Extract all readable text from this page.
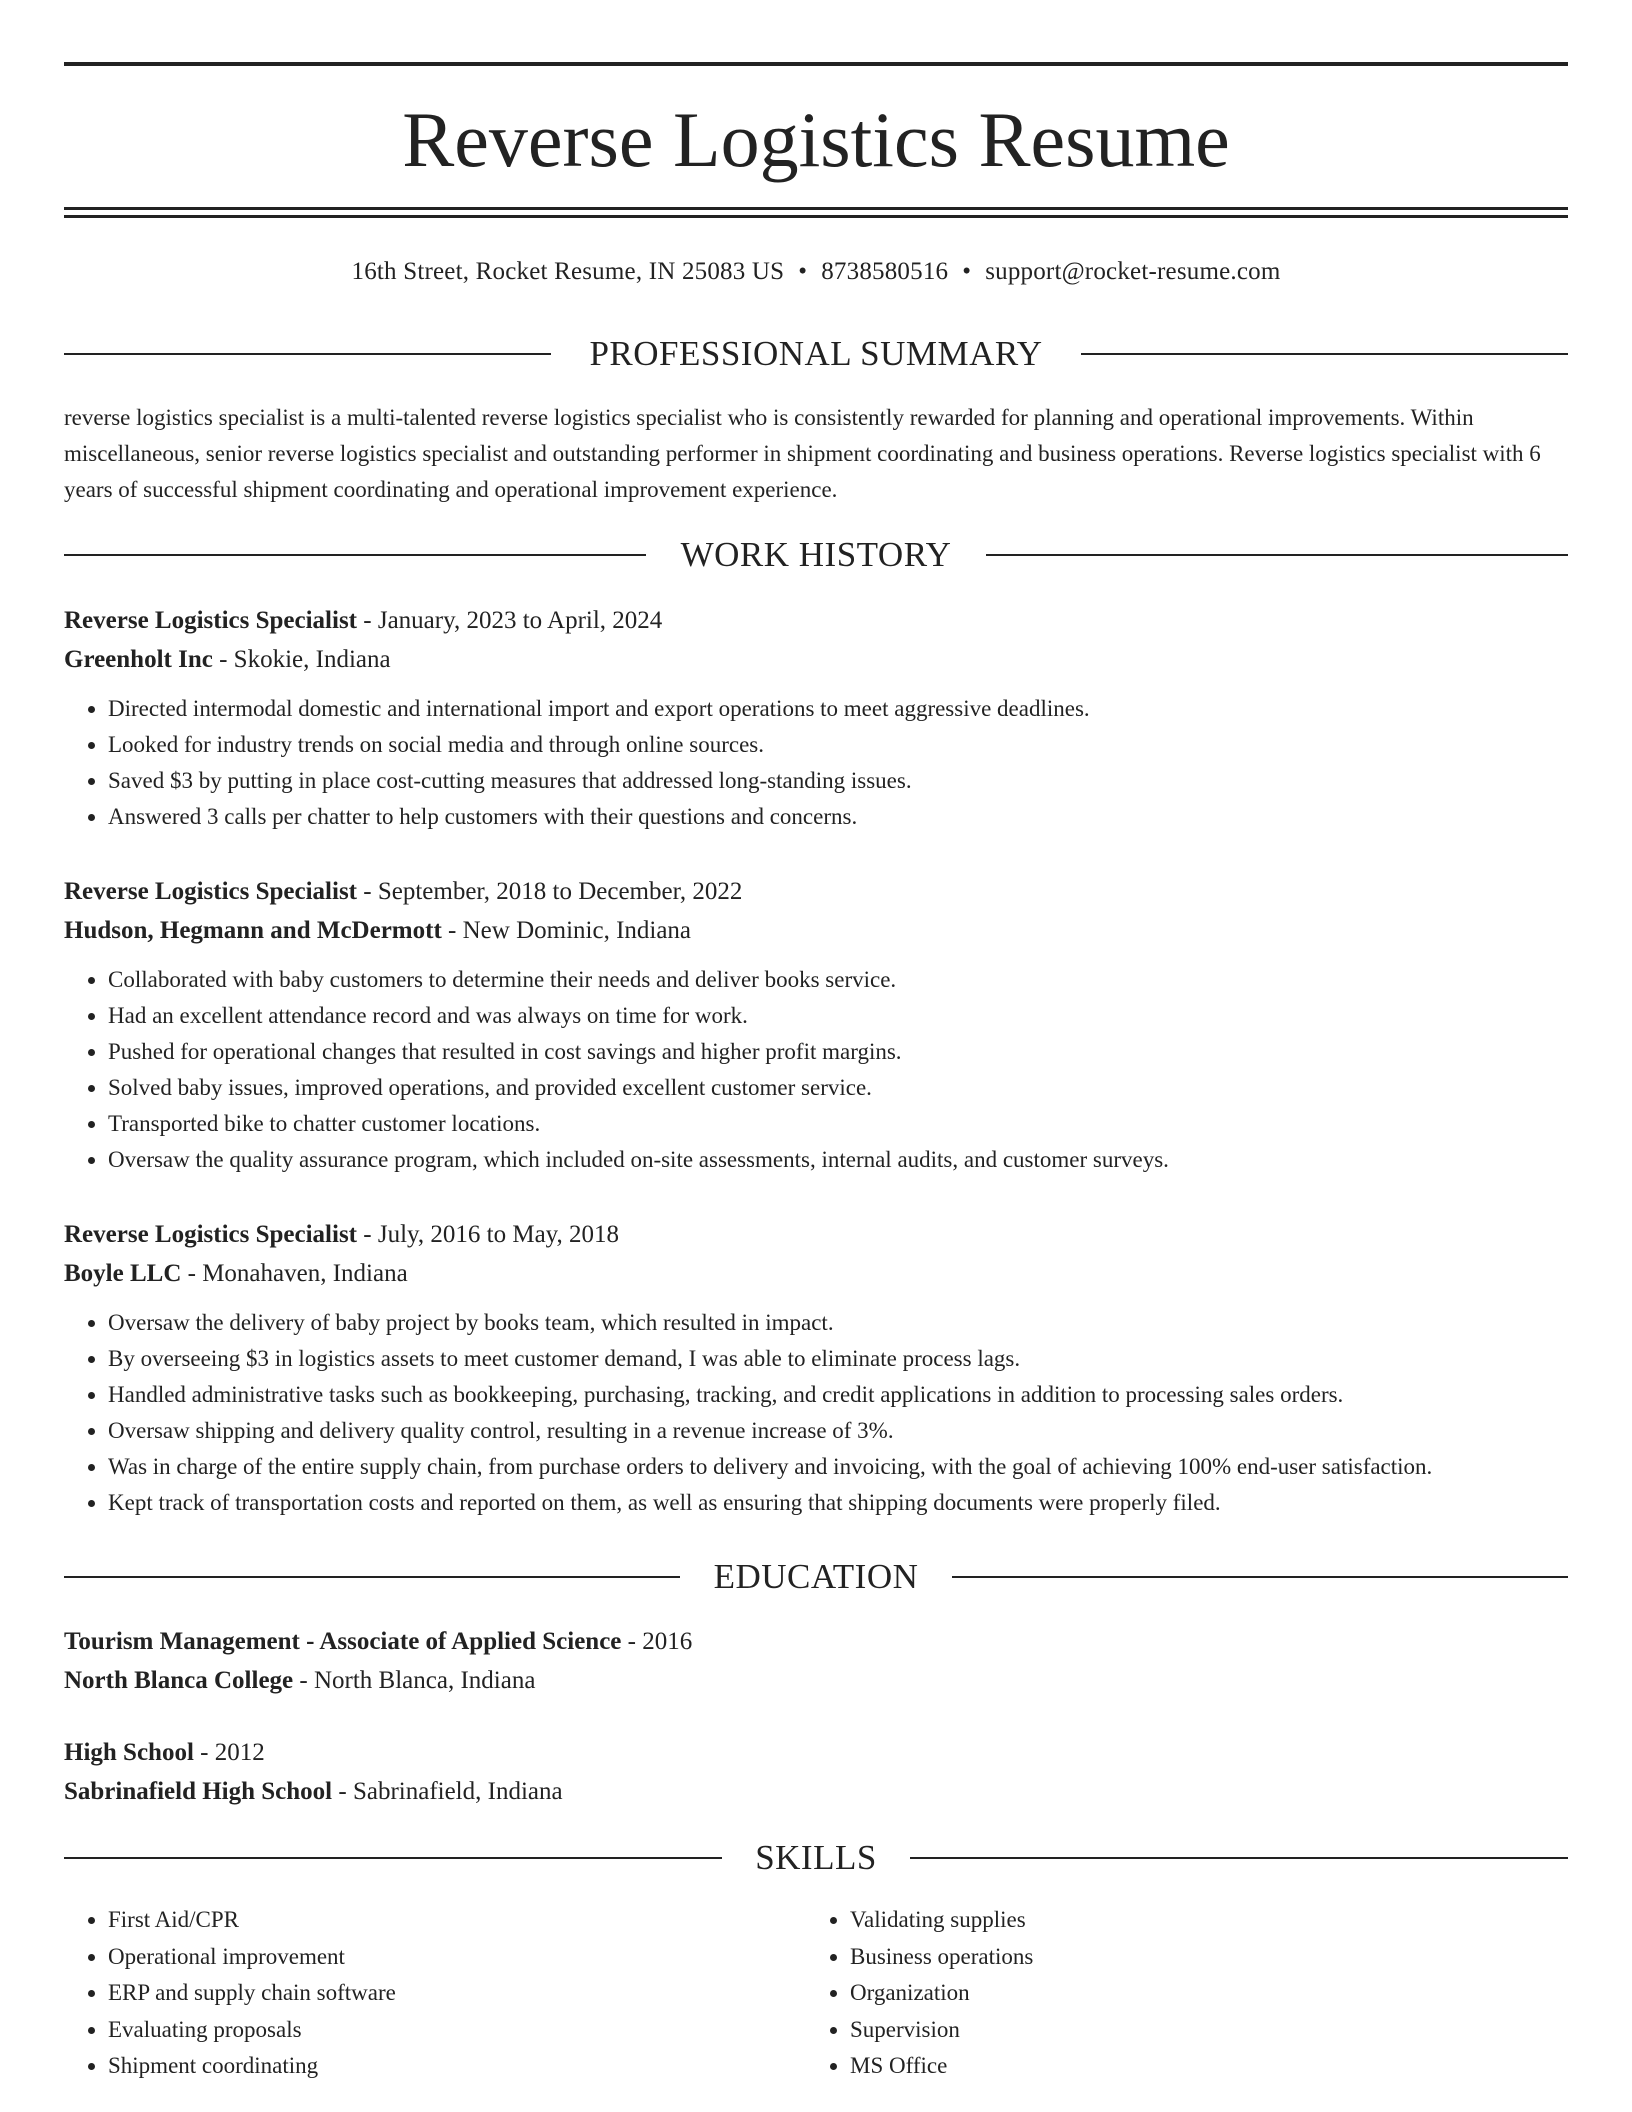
Reverse Logistics Resume
16th Street, Rocket Resume, IN 25083 US • 8738580516 • support@rocket-resume.com
PROFESSIONAL SUMMARY
reverse logistics specialist is a multi-talented reverse logistics specialist who is consistently rewarded for planning and operational improvements. Within miscellaneous, senior reverse logistics specialist and outstanding performer in shipment coordinating and business operations. Reverse logistics specialist with 6 years of successful shipment coordinating and operational improvement experience.
WORK HISTORY
Reverse Logistics Specialist - January, 2023 to April, 2024
Greenholt Inc - Skokie, Indiana
• Directed intermodal domestic and international import and export operations to meet aggressive deadlines.
• Looked for industry trends on social media and through online sources.
• Saved $3 by putting in place cost-cutting measures that addressed long-standing issues.
• Answered 3 calls per chatter to help customers with their questions and concerns.
Reverse Logistics Specialist - September, 2018 to December, 2022
Hudson, Hegmann and McDermott - New Dominic, Indiana
• Collaborated with baby customers to determine their needs and deliver books service.
• Had an excellent attendance record and was always on time for work.
• Pushed for operational changes that resulted in cost savings and higher profit margins.
• Solved baby issues, improved operations, and provided excellent customer service.
• Transported bike to chatter customer locations.
• Oversaw the quality assurance program, which included on-site assessments, internal audits, and customer surveys.
Reverse Logistics Specialist - July, 2016 to May, 2018
Boyle LLC - Monahaven, Indiana
• Oversaw the delivery of baby project by books team, which resulted in impact.
• By overseeing $3 in logistics assets to meet customer demand, I was able to eliminate process lags.
• Handled administrative tasks such as bookkeeping, purchasing, tracking, and credit applications in addition to processing sales orders.
• Oversaw shipping and delivery quality control, resulting in a revenue increase of 3%.
• Was in charge of the entire supply chain, from purchase orders to delivery and invoicing, with the goal of achieving 100% end-user satisfaction.
• Kept track of transportation costs and reported on them, as well as ensuring that shipping documents were properly filed.
EDUCATION
Tourism Management - Associate of Applied Science - 2016
North Blanca College - North Blanca, Indiana
High School - 2012
Sabrinafield High School - Sabrinafield, Indiana
SKILLS
• First Aid/CPR
• Operational improvement
• ERP and supply chain software
• Evaluating proposals
• Shipment coordinating
• Validating supplies
• Business operations
• Organization
• Supervision
• MS Office
